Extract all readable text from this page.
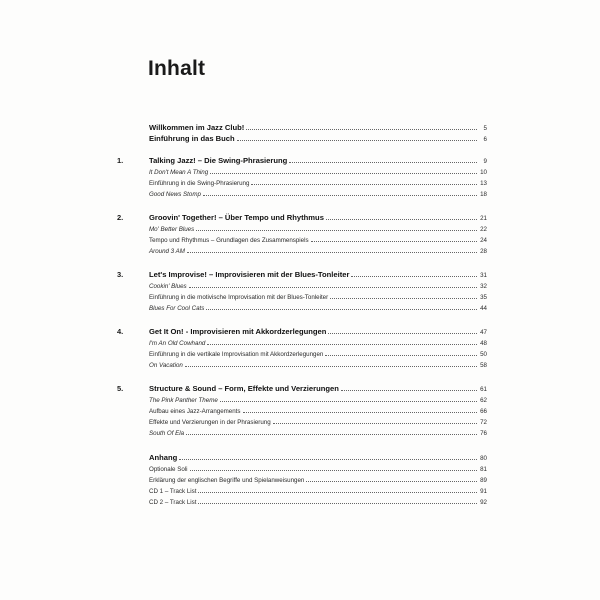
Inhalt
Willkommen im Jazz Club!	5
Einführung in das Buch	6
1.	Talking Jazz! – Die Swing-Phrasierung	9
It Don't Mean A Thing	10
Einführung in die Swing-Phrasierung	13
Good News Stomp	18
2.	Groovin' Together! – Über Tempo und Rhythmus	21
Mo' Better Blues	22
Tempo und Rhythmus – Grundlagen des Zusammenspiels	24
Around 3 AM	28
3.	Let's Improvise! – Improvisieren mit der Blues-Tonleiter	31
Cookin' Blues	32
Einführung in die motivische Improvisation mit der Blues-Tonleiter	35
Blues For Cool Cats	44
4.	Get It On! - Improvisieren mit Akkordzerlegungen	47
I'm An Old Cowhand	48
Einführung in die vertikale Improvisation mit Akkordzerlegungen	50
On Vacation	58
5.	Structure & Sound – Form, Effekte und Verzierungen	61
The Pink Panther Theme	62
Aufbau eines Jazz-Arrangements	66
Effekte und Verzierungen in der Phrasierung	72
South Of Ela	76
Anhang	80
Optionale Soli	81
Erklärung der englischen Begriffe und Spielanweisungen	89
CD 1 – Track List	91
CD 2 – Track List	92
